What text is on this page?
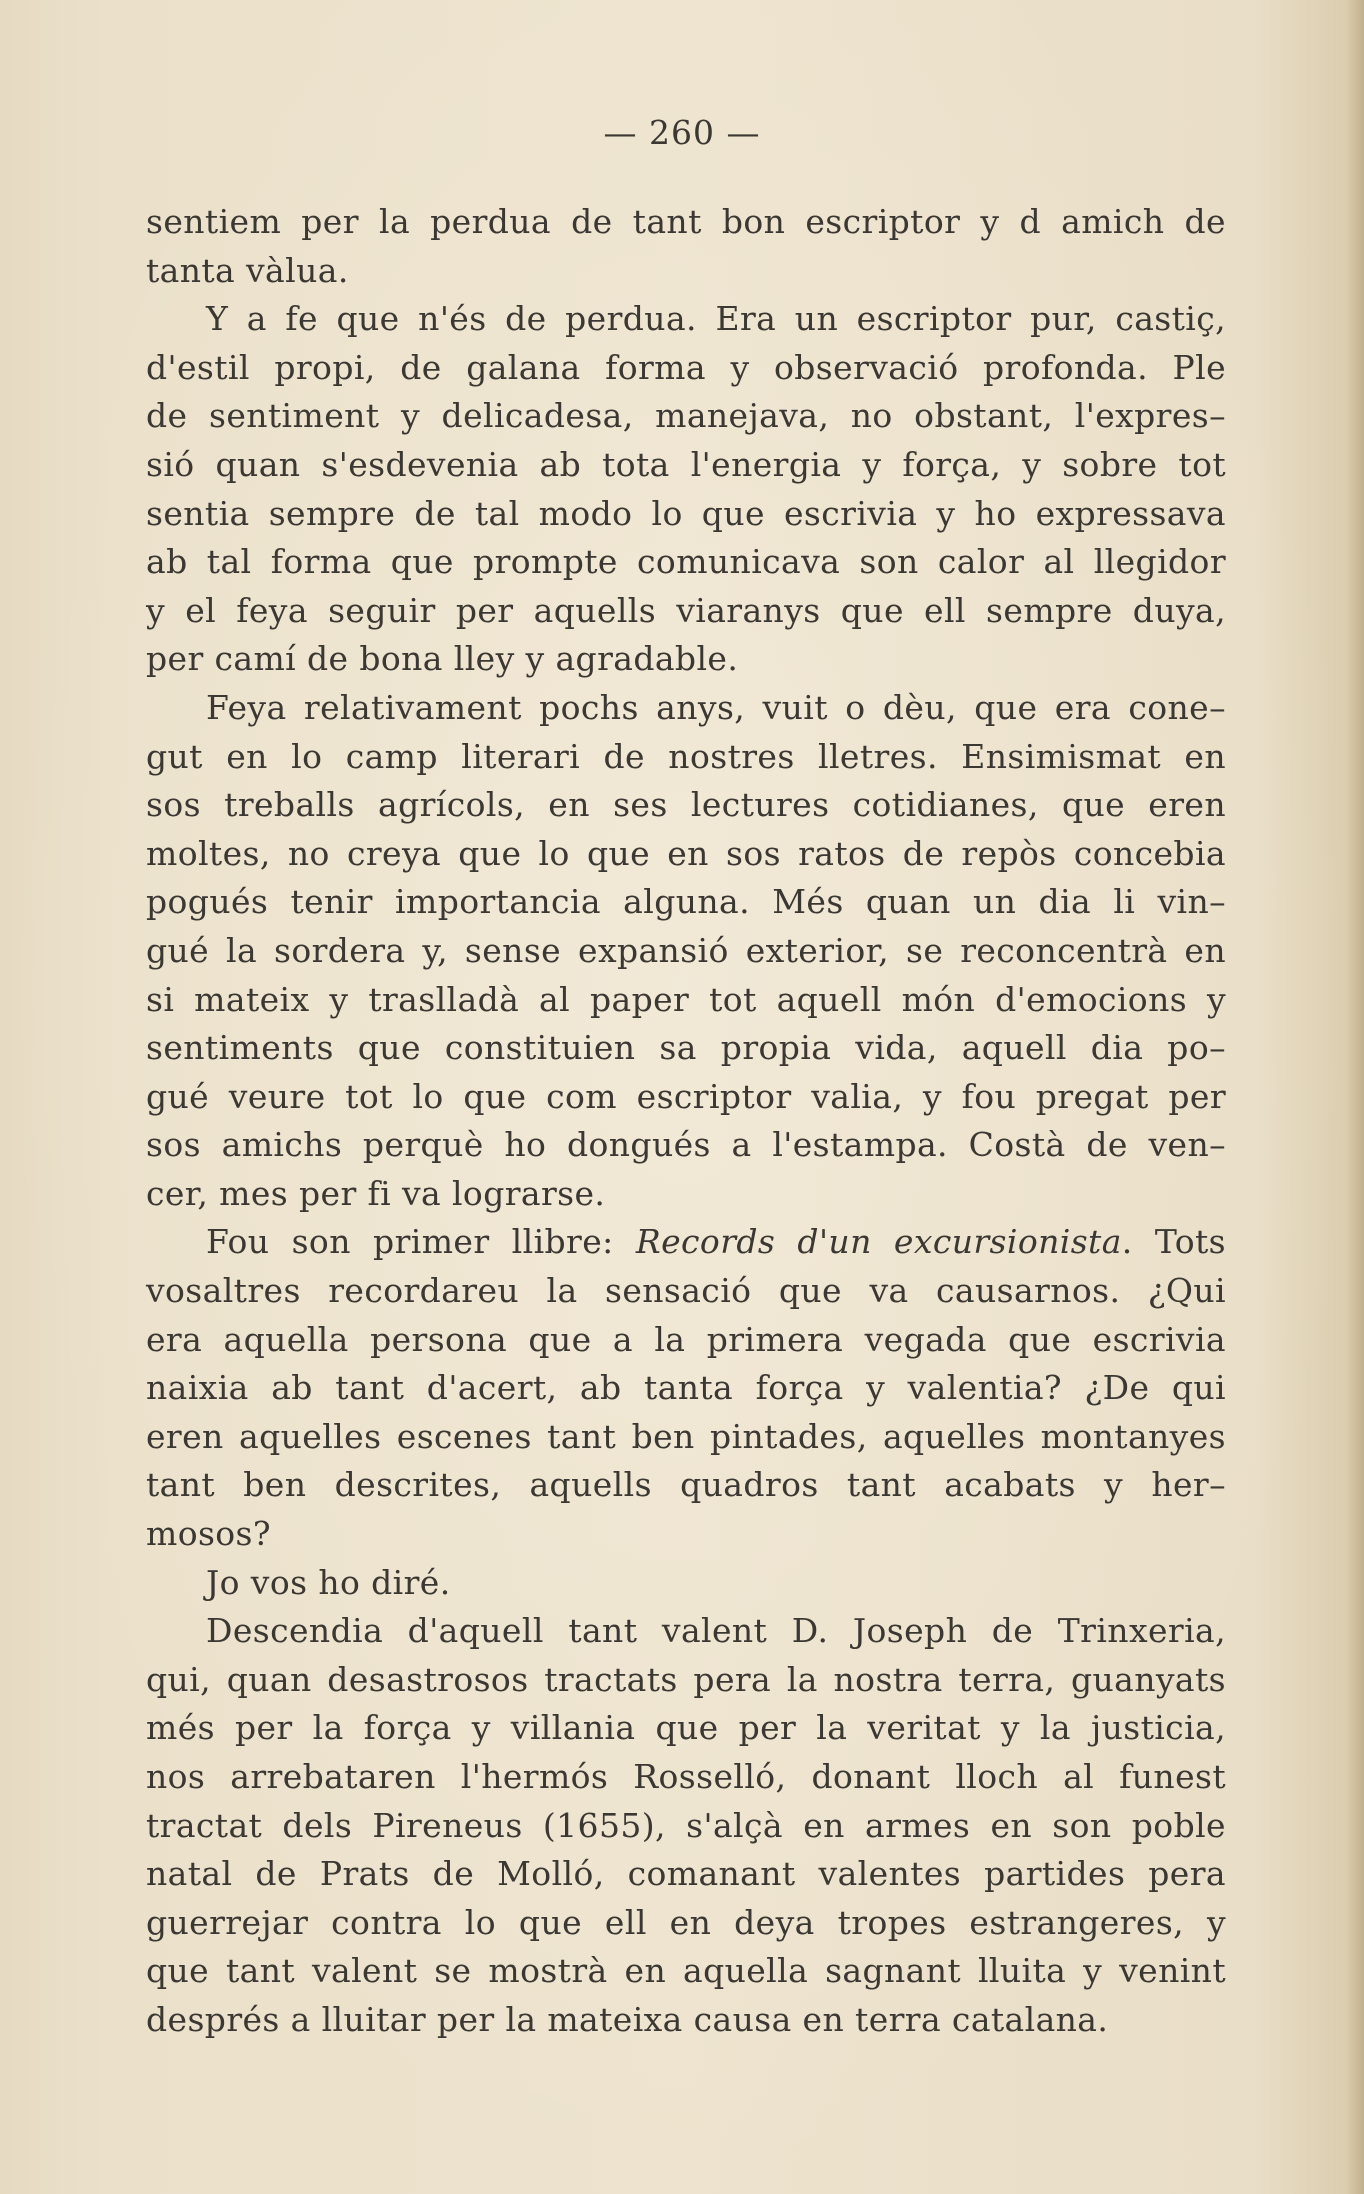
— 260 —
sentiem per la perdua de tant bon escriptor y d amich de
tanta vàlua.
Y a fe que n'és de perdua. Era un escriptor pur, castiç,
d'estil propi, de galana forma y observació profonda. Ple
de sentiment y delicadesa, manejava, no obstant, l'expres–
sió quan s'esdevenia ab tota l'energia y força, y sobre tot
sentia sempre de tal modo lo que escrivia y ho expressava
ab tal forma que prompte comunicava son calor al llegidor
y el feya seguir per aquells viaranys que ell sempre duya,
per camí de bona lley y agradable.
Feya relativament pochs anys, vuit o dèu, que era cone–
gut en lo camp literari de nostres lletres. Ensimismat en
sos treballs agrícols, en ses lectures cotidianes, que eren
moltes, no creya que lo que en sos ratos de repòs concebia
pogués tenir importancia alguna. Més quan un dia li vin–
gué la sordera y, sense expansió exterior, se reconcentrà en
si mateix y traslladà al paper tot aquell món d'emocions y
sentiments que constituien sa propia vida, aquell dia po–
gué veure tot lo que com escriptor valia, y fou pregat per
sos amichs perquè ho dongués a l'estampa. Costà de ven–
cer, mes per fi va lograrse.
Fou son primer llibre: Records d'un excursionista. Tots
vosaltres recordareu la sensació que va causarnos. ¿Qui
era aquella persona que a la primera vegada que escrivia
naixia ab tant d'acert, ab tanta força y valentia? ¿De qui
eren aquelles escenes tant ben pintades, aquelles montanyes
tant ben descrites, aquells quadros tant acabats y her–
mosos?
Jo vos ho diré.
Descendia d'aquell tant valent D. Joseph de Trinxeria,
qui, quan desastrosos tractats pera la nostra terra, guanyats
més per la força y villania que per la veritat y la justicia,
nos arrebataren l'hermós Rosselló, donant lloch al funest
tractat dels Pireneus (1655), s'alçà en armes en son poble
natal de Prats de Molló, comanant valentes partides pera
guerrejar contra lo que ell en deya tropes estrangeres, y
que tant valent se mostrà en aquella sagnant lluita y venint
després a lluitar per la mateixa causa en terra catalana.
